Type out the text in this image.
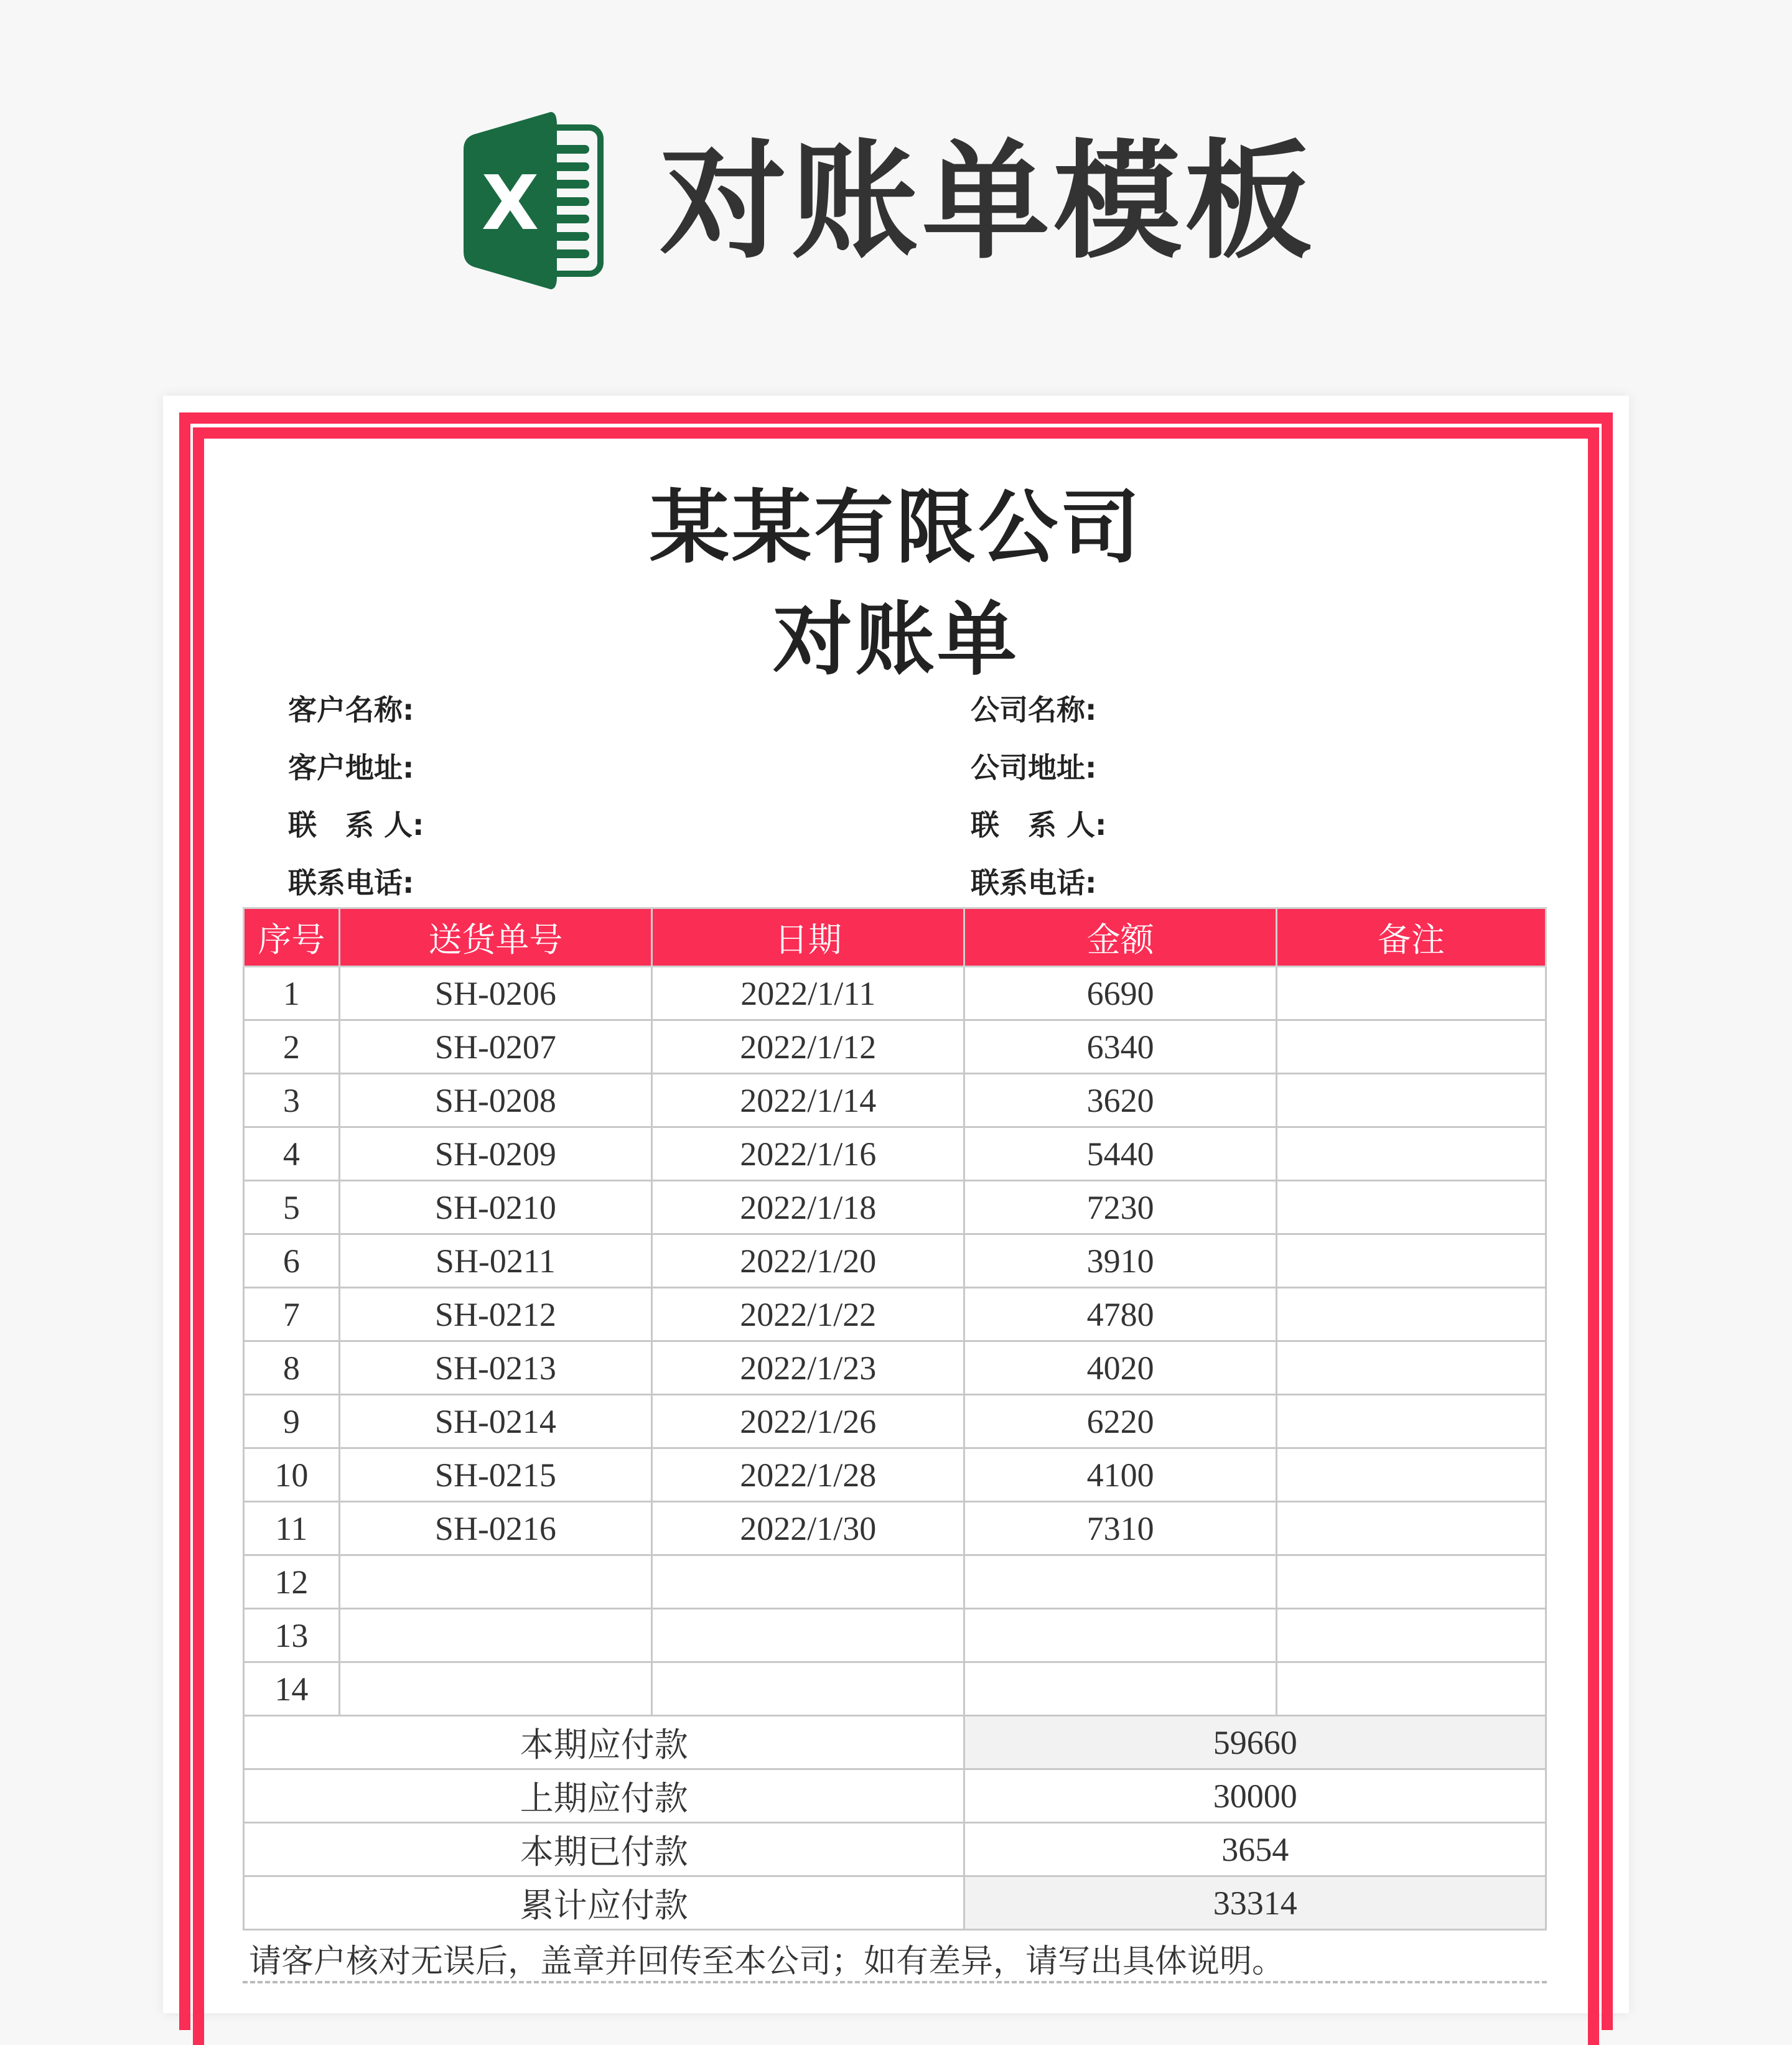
X 对账单模板
某某有限公司
对账单
客户名称:
客户地址:
联　系 人:
联系电话:
公司名称:
公司地址:
联　系 人:
联系电话:
序号	送货单号	日期	金额	备注
1	SH-0206	2022/1/11	6690	
2	SH-0207	2022/1/12	6340	
3	SH-0208	2022/1/14	3620	
4	SH-0209	2022/1/16	5440	
5	SH-0210	2022/1/18	7230	
6	SH-0211	2022/1/20	3910	
7	SH-0212	2022/1/22	4780	
8	SH-0213	2022/1/23	4020	
9	SH-0214	2022/1/26	6220	
10	SH-0215	2022/1/28	4100	
11	SH-0216	2022/1/30	7310	
12				
13				
14				
本期应付款			59660	
上期应付款			30000	
本期已付款			3654	
累计应付款			33314	
请客户核对无误后，盖章并回传至本公司；如有差异，请写出具体说明。
